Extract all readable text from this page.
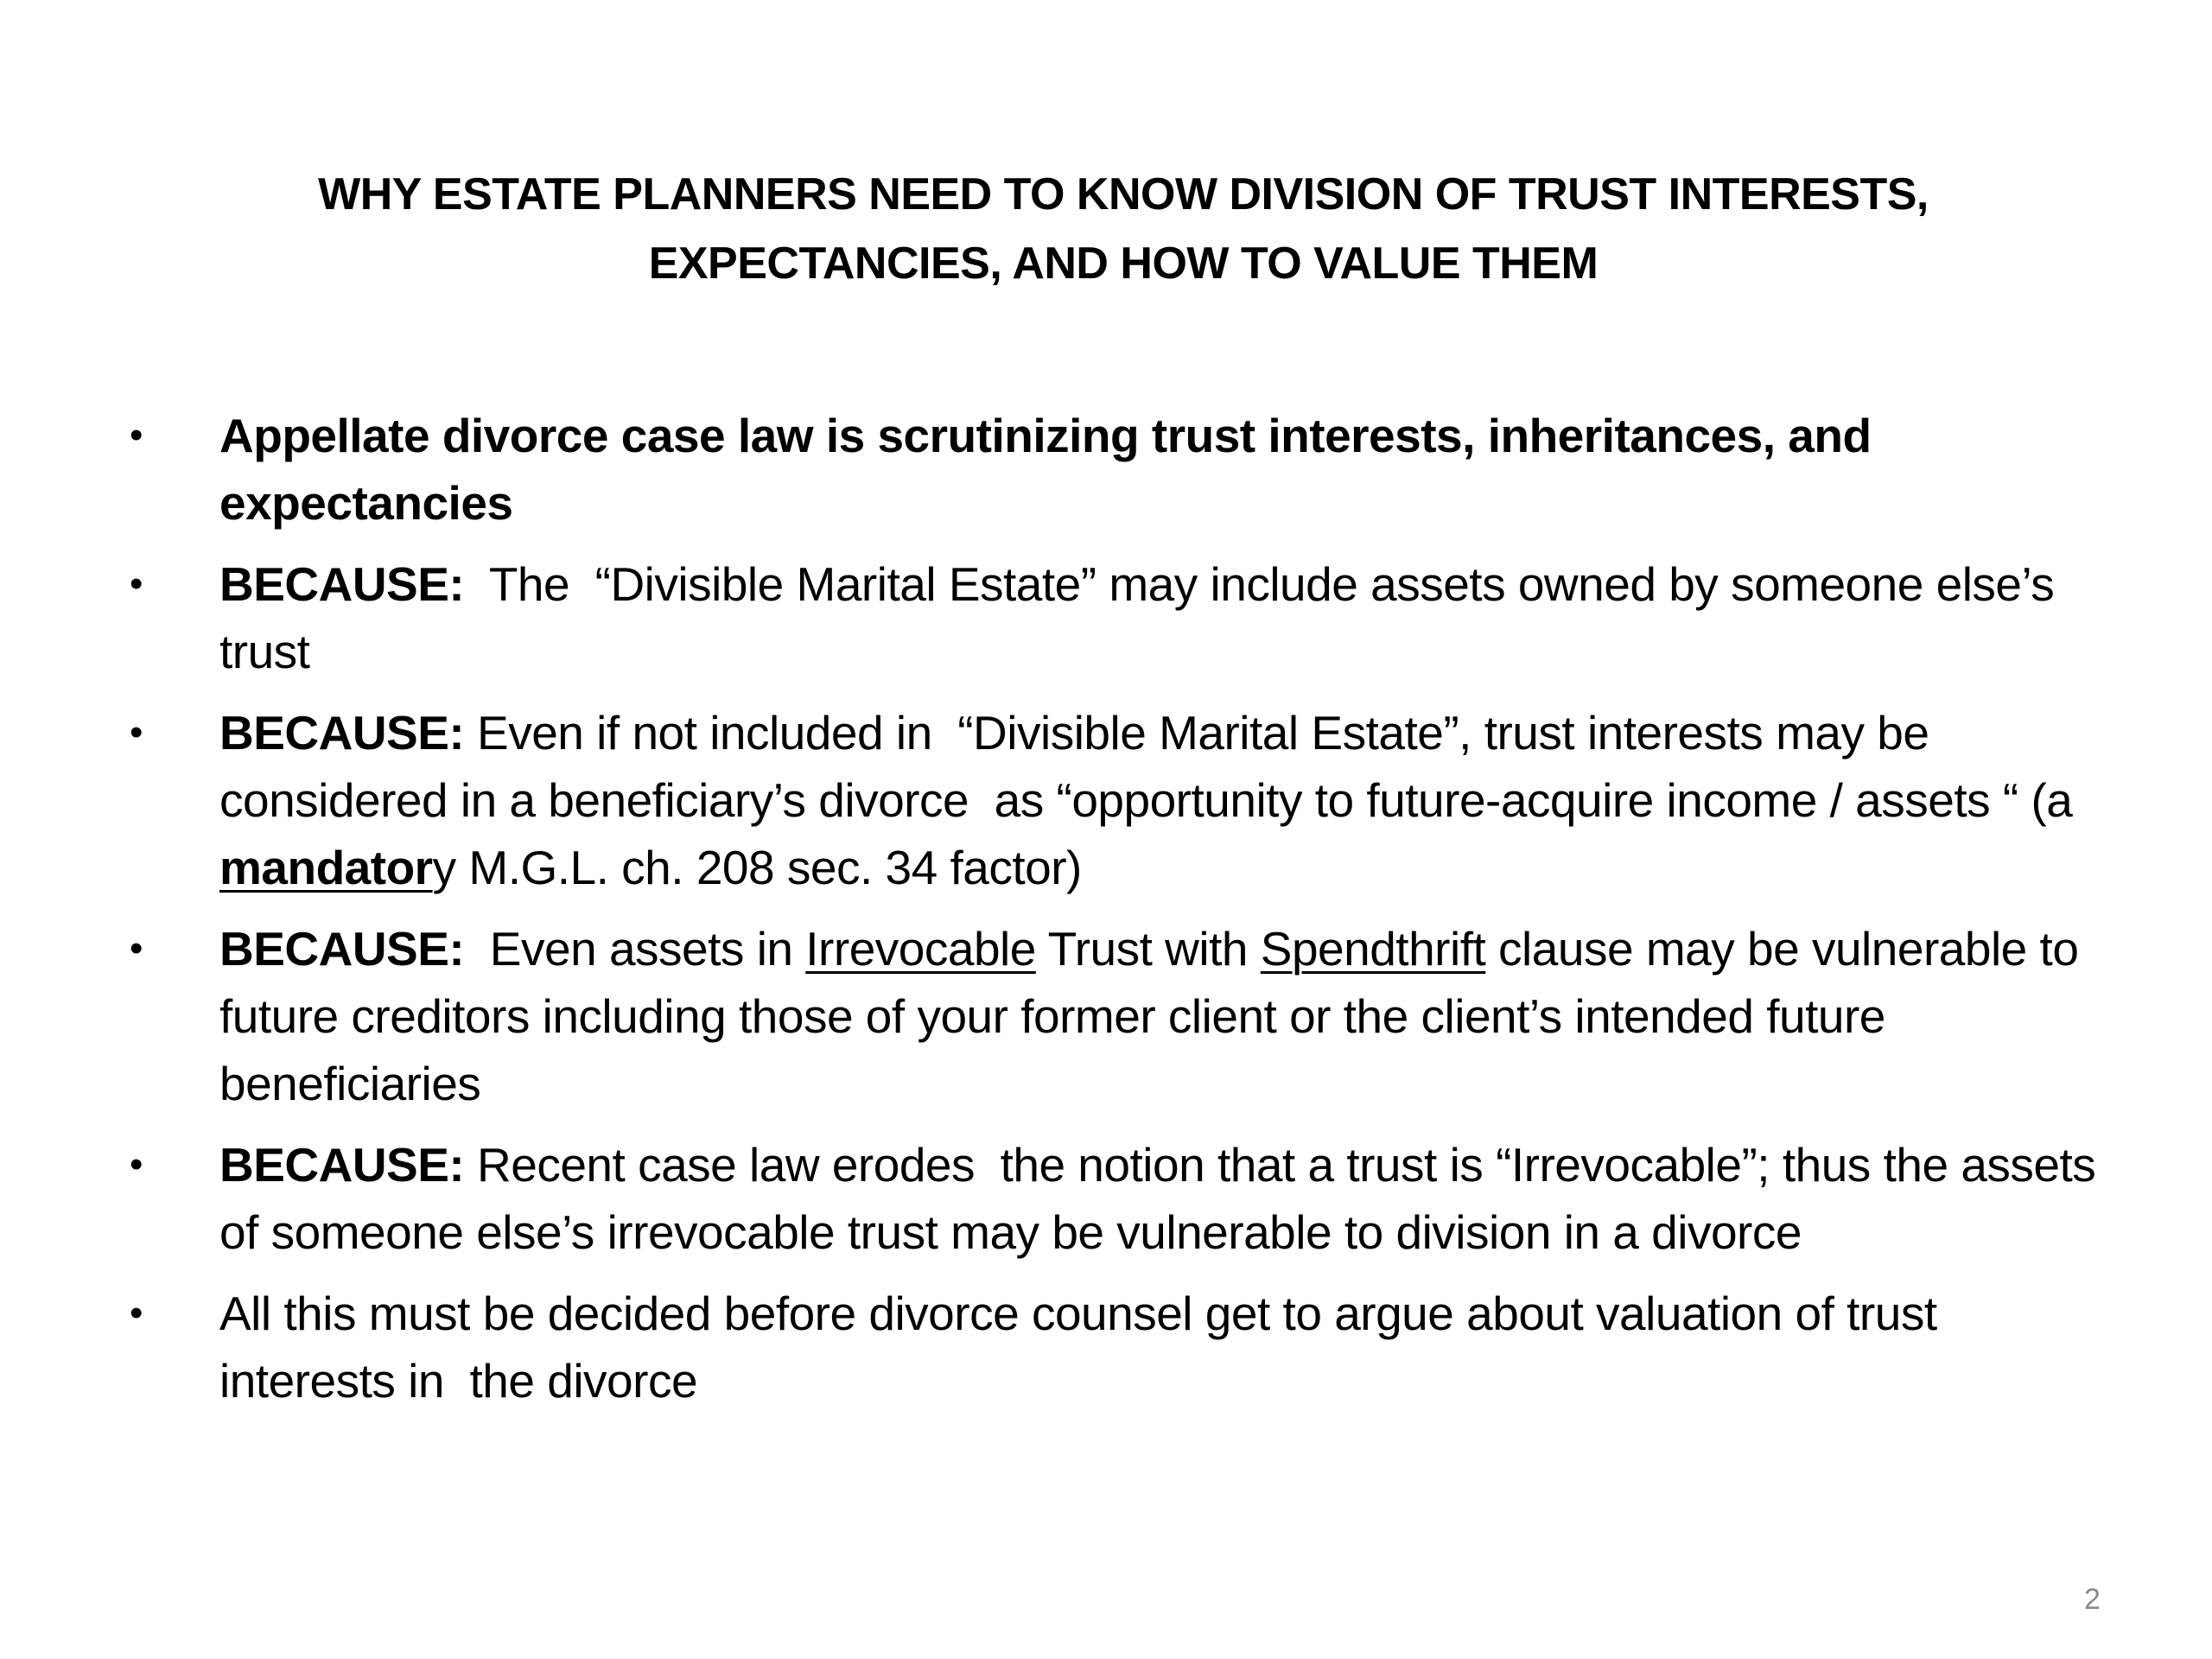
WHY ESTATE PLANNERS NEED TO KNOW DIVISION OF TRUST INTERESTS,
EXPECTANCIES, AND HOW TO VALUE THEM
• Appellate divorce case law is scrutinizing trust interests, inheritances, and expectancies
• BECAUSE:  The  “Divisible Marital Estate” may include assets owned by someone else’s trust
• BECAUSE: Even if not included in  “Divisible Marital Estate”, trust interests may be considered in a beneficiary’s divorce  as “opportunity to future-acquire income / assets “ (a mandatory M.G.L. ch. 208 sec. 34 factor)
• BECAUSE:  Even assets in Irrevocable Trust with Spendthrift clause may be vulnerable to future creditors including those of your former client or the client’s intended future beneficiaries
• BECAUSE: Recent case law erodes  the notion that a trust is “Irrevocable”; thus the assets of someone else’s irrevocable trust may be vulnerable to division in a divorce
• All this must be decided before divorce counsel get to argue about valuation of trust interests in  the divorce
2
